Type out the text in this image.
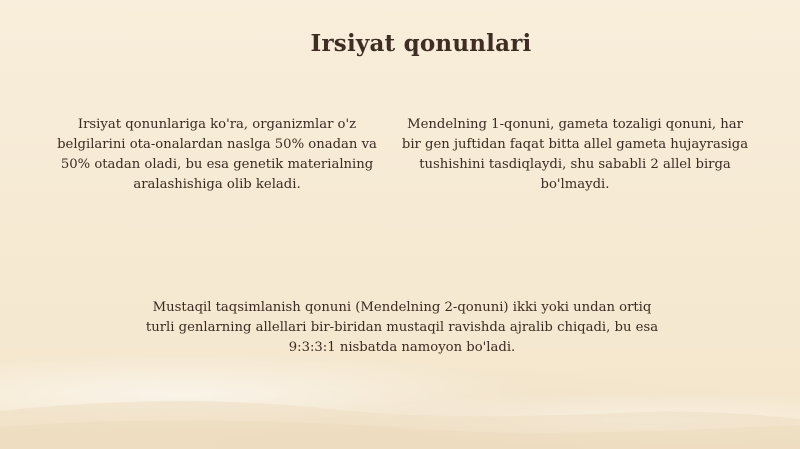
Irsiyat qonunlari
Irsiyat qonunlariga ko'ra, organizmlar o'z belgilarini ota-onalardan naslga 50% onadan va 50% otadan oladi, bu esa genetik materialning aralashishiga olib keladi.
Mendelning 1-qonuni, gameta tozaligi qonuni, har bir gen juftidan faqat bitta allel gameta hujayrasiga tushishini tasdiqlaydi, shu sababli 2 allel birga bo'lmaydi.
Mustaqil taqsimlanish qonuni (Mendelning 2-qonuni) ikki yoki undan ortiq turli genlarning allellari bir-biridan mustaqil ravishda ajralib chiqadi, bu esa 9:3:3:1 nisbatda namoyon bo'ladi.
